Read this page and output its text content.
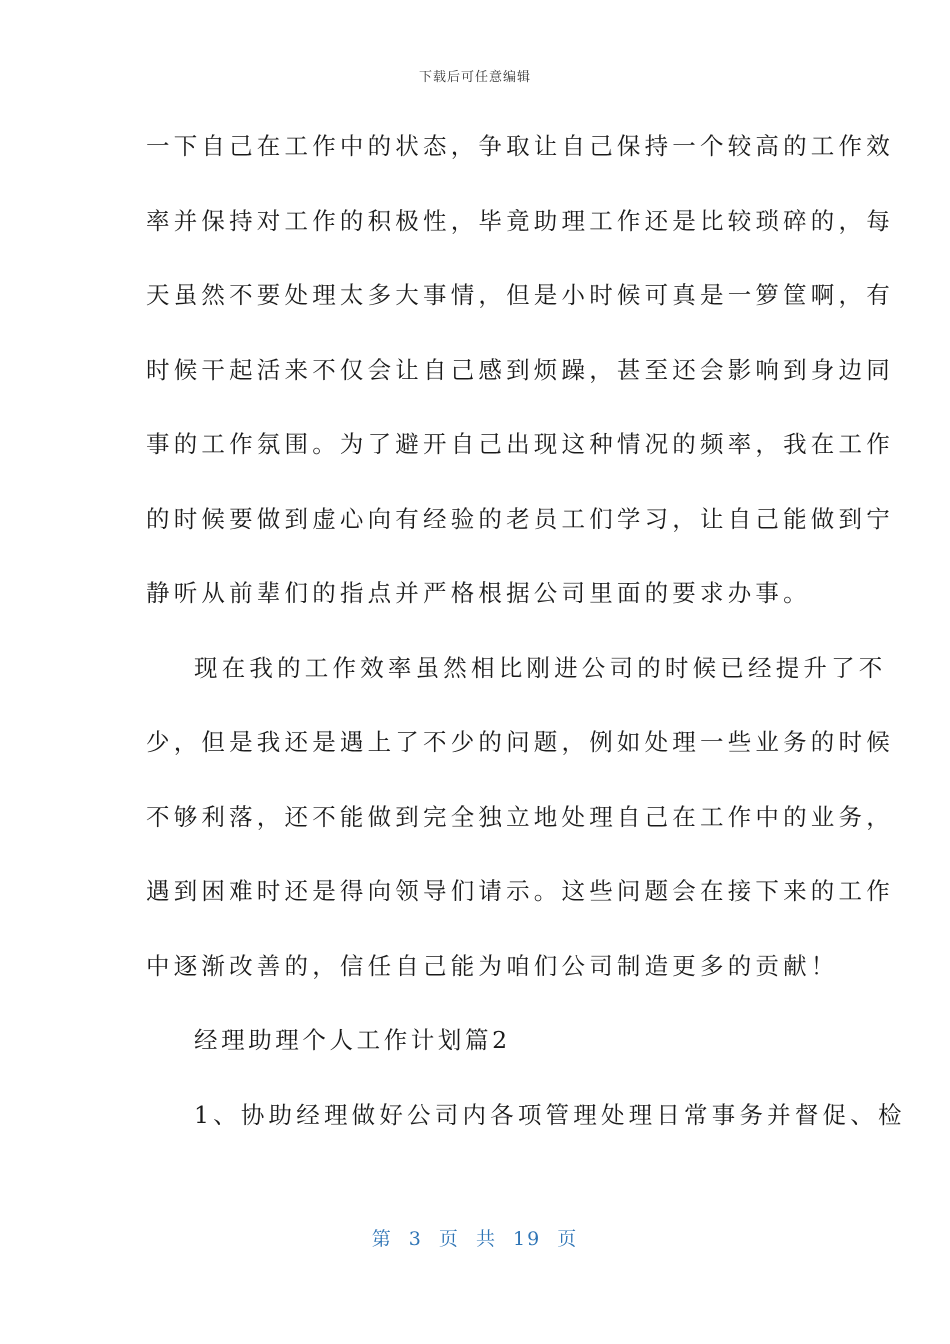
下载后可任意编辑
一下自己在工作中的状态，争取让自己保持一个较高的工作效
率并保持对工作的积极性，毕竟助理工作还是比较琐碎的，每
天虽然不要处理太多大事情，但是小时候可真是一箩筐啊，有
时候干起活来不仅会让自己感到烦躁，甚至还会影响到身边同
事的工作氛围。为了避开自己出现这种情况的频率，我在工作
的时候要做到虚心向有经验的老员工们学习，让自己能做到宁
静听从前辈们的指点并严格根据公司里面的要求办事。
现在我的工作效率虽然相比刚进公司的时候已经提升了不
少，但是我还是遇上了不少的问题，例如处理一些业务的时候
不够利落，还不能做到完全独立地处理自己在工作中的业务，
遇到困难时还是得向领导们请示。这些问题会在接下来的工作
中逐渐改善的，信任自己能为咱们公司制造更多的贡献！
经理助理个人工作计划篇2
1、协助经理做好公司内各项管理处理日常事务并督促、检
第 3 页 共 19 页
